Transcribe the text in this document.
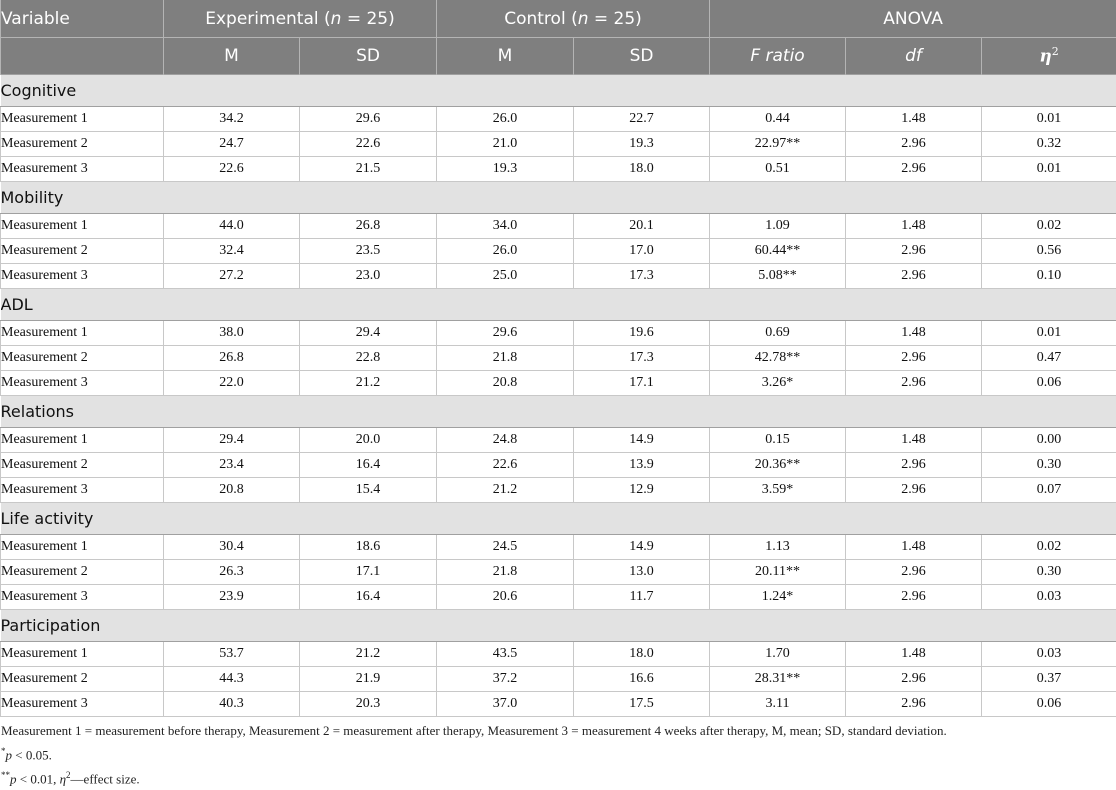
Variable	Experimental (n = 25)		Control (n = 25)		ANOVA		
	M	SD	M	SD	F ratio	df	$\eta^2$
Cognitive							
Measurement 1	34.2	29.6	26.0	22.7	0.44	1.48	0.01
Measurement 2	24.7	22.6	21.0	19.3	22.97**	2.96	0.32
Measurement 3	22.6	21.5	19.3	18.0	0.51	2.96	0.01
Mobility							
Measurement 1	44.0	26.8	34.0	20.1	1.09	1.48	0.02
Measurement 2	32.4	23.5	26.0	17.0	60.44**	2.96	0.56
Measurement 3	27.2	23.0	25.0	17.3	5.08**	2.96	0.10
ADL							
Measurement 1	38.0	29.4	29.6	19.6	0.69	1.48	0.01
Measurement 2	26.8	22.8	21.8	17.3	42.78**	2.96	0.47
Measurement 3	22.0	21.2	20.8	17.1	3.26*	2.96	0.06
Relations							
Measurement 1	29.4	20.0	24.8	14.9	0.15	1.48	0.00
Measurement 2	23.4	16.4	22.6	13.9	20.36**	2.96	0.30
Measurement 3	20.8	15.4	21.2	12.9	3.59*	2.96	0.07
Life activity							
Measurement 1	30.4	18.6	24.5	14.9	1.13	1.48	0.02
Measurement 2	26.3	17.1	21.8	13.0	20.11**	2.96	0.30
Measurement 3	23.9	16.4	20.6	11.7	1.24*	2.96	0.03
Participation							
Measurement 1	53.7	21.2	43.5	18.0	1.70	1.48	0.03
Measurement 2	44.3	21.9	37.2	16.6	28.31**	2.96	0.37
Measurement 3	40.3	20.3	37.0	17.5	3.11	2.96	0.06
Measurement 1 = measurement before therapy, Measurement 2 = measurement after therapy, Measurement 3 = measurement 4 weeks after therapy, M, mean; SD, standard deviation.
*p < 0.05.
**p < 0.01, $\eta^2—effect$ size.
